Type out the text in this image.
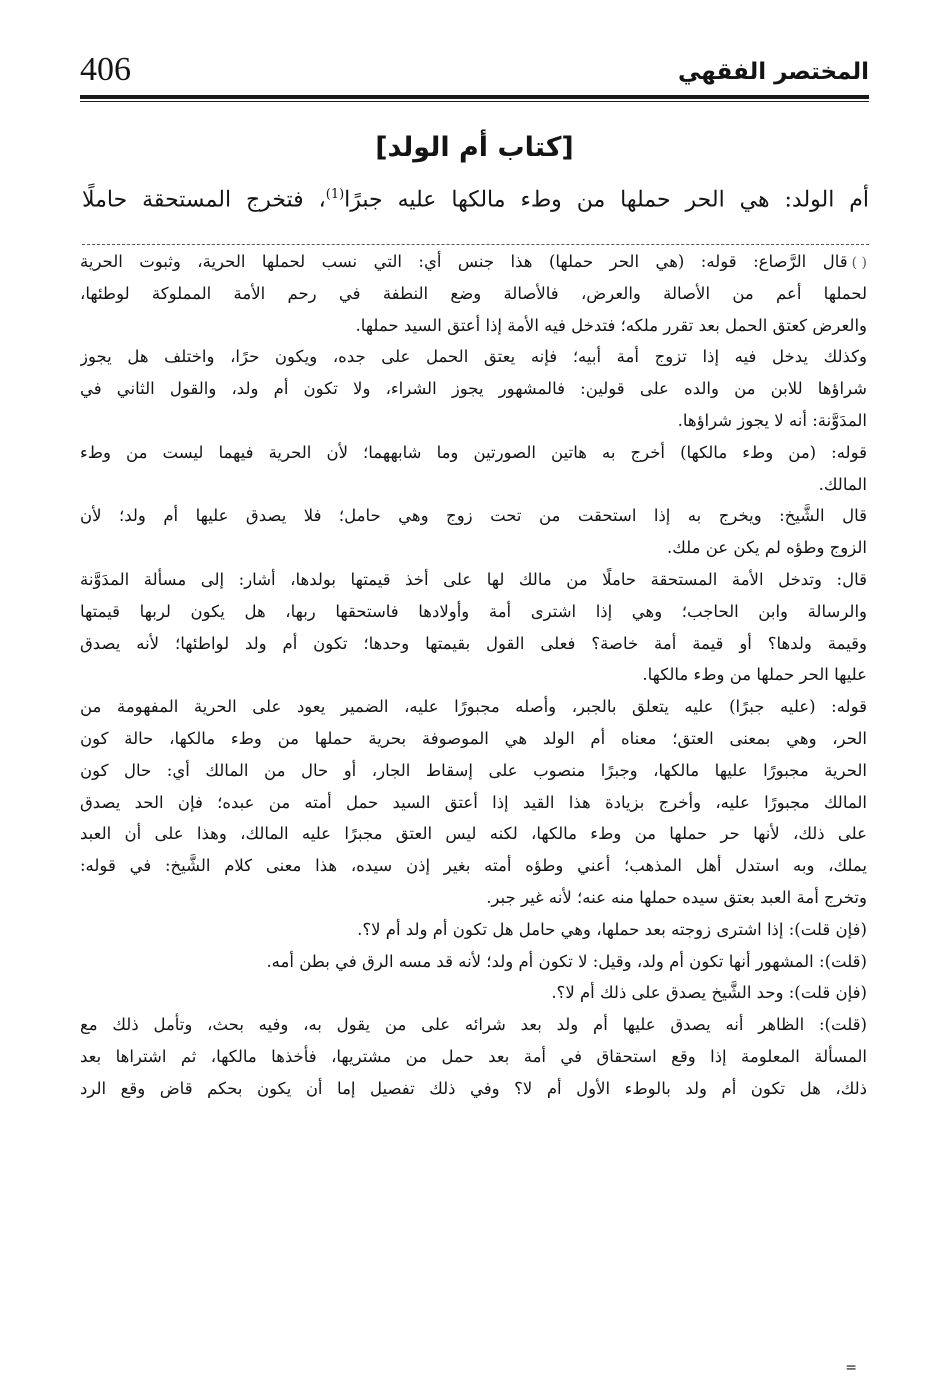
406	المختصر الفقهي
[كتاب أم الولد]
أم الولد: هي الحر حملها من وطء مالكها عليه جبرًا$^{(1)}$، فتخرج المستحقة حاملًا
( )قال الرَّصاع: قوله: (هي الحر حملها) هذا جنس أي: التي نسب لحملها الحرية، وثبوت الحرية
لحملها أعم من الأصالة والعرض، فالأصالة وضع النطفة في رحم الأمة المملوكة لوطئها،
والعرض كعتق الحمل بعد تقرر ملكه؛ فتدخل فيه الأمة إذا أعتق السيد حملها.
وكذلك يدخل فيه إذا تزوج أمة أبيه؛ فإنه يعتق الحمل على جده، ويكون حرًا، واختلف هل يجوز
شراؤها للابن من والده على قولين: فالمشهور يجوز الشراء، ولا تكون أم ولد، والقول الثاني في
المدَوَّنة: أنه لا يجوز شراؤها.
قوله: (من وطء مالكها) أخرج به هاتين الصورتين وما شابههما؛ لأن الحرية فيهما ليست من وطء
المالك.
قال الشَّيخ: ويخرج به إذا استحقت من تحت زوج وهي حامل؛ فلا يصدق عليها أم ولد؛ لأن
الزوج وطؤه لم يكن عن ملك.
قال: وتدخل الأمة المستحقة حاملًا من مالك لها على أخذ قيمتها بولدها، أشار: إلى مسألة المدَوَّنة
والرسالة وابن الحاجب؛ وهي إذا اشترى أمة وأولادها فاستحقها ربها، هل يكون لربها قيمتها
وقيمة ولدها؟ أو قيمة أمة خاصة؟ فعلى القول بقيمتها وحدها؛ تكون أم ولد لواطئها؛ لأنه يصدق
عليها الحر حملها من وطء مالكها.
قوله: (عليه جبرًا) عليه يتعلق بالجبر، وأصله مجبورًا عليه، الضمير يعود على الحرية المفهومة من
الحر، وهي بمعنى العتق؛ معناه أم الولد هي الموصوفة بحرية حملها من وطء مالكها، حالة كون
الحرية مجبورًا عليها مالكها، وجبرًا منصوب على إسقاط الجار، أو حال من المالك أي: حال كون
المالك مجبورًا عليه، وأخرج بزيادة هذا القيد إذا أعتق السيد حمل أمته من عبده؛ فإن الحد يصدق
على ذلك، لأنها حر حملها من وطء مالكها، لكنه ليس العتق مجبرًا عليه المالك، وهذا على أن العبد
يملك، وبه استدل أهل المذهب؛ أعني وطؤه أمته بغير إذن سيده، هذا معنى كلام الشَّيخ: في قوله:
وتخرج أمة العبد بعتق سيده حملها منه عنه؛ لأنه غير جبر.
(فإن قلت): إذا اشترى زوجته بعد حملها، وهي حامل هل تكون أم ولد أم لا؟.
(قلت): المشهور أنها تكون أم ولد، وقيل: لا تكون أم ولد؛ لأنه قد مسه الرق في بطن أمه.
(فإن قلت): وحد الشَّيخ يصدق على ذلك أم لا؟.
(قلت): الظاهر أنه يصدق عليها أم ولد بعد شرائه على من يقول به، وفيه بحث، وتأمل ذلك مع
المسألة المعلومة إذا وقع استحقاق في أمة بعد حمل من مشتريها، فأخذها مالكها، ثم اشتراها بعد
ذلك، هل تكون أم ولد بالوطء الأول أم لا؟ وفي ذلك تفصيل إما أن يكون بحكم قاض وقع الرد
=
